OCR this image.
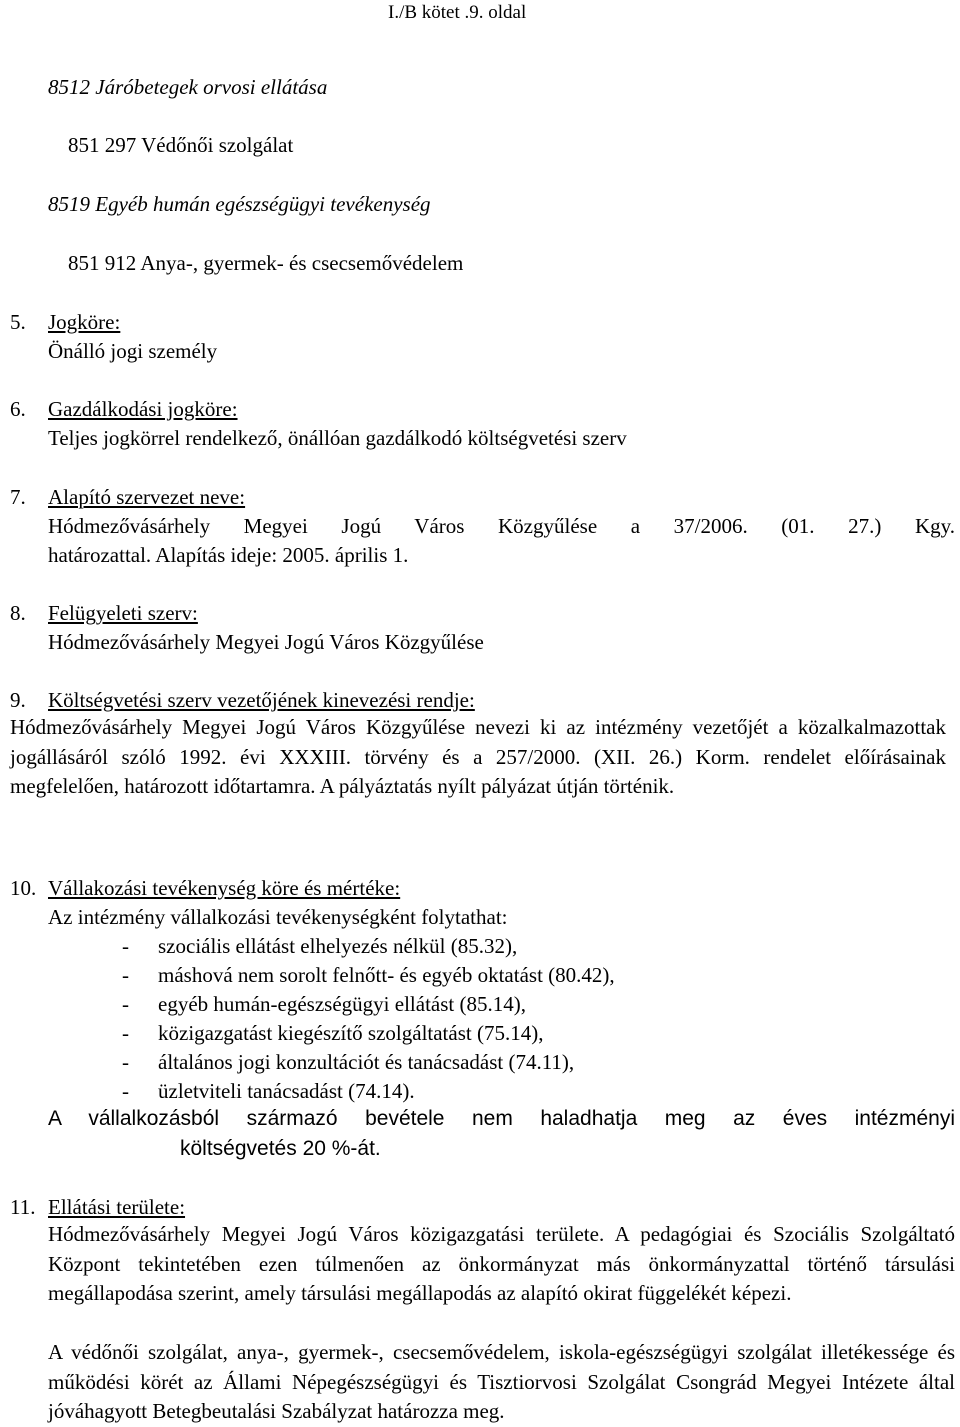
I./B kötet .9. oldal
8512 Járóbetegek orvosi ellátása
851 297 Védőnői szolgálat
8519 Egyéb humán egészségügyi tevékenység
851 912 Anya-, gyermek- és csecsemővédelem
5. Jogköre:
Önálló jogi személy
6. Gazdálkodási jogköre:
Teljes jogkörrel rendelkező, önállóan gazdálkodó költségvetési szerv
7. Alapító szervezet neve:
Hódmezővásárhely Megyei Jogú Város Közgyűlése a 37/2006. (01. 27.) Kgy.
határozattal. Alapítás ideje: 2005. április 1.
8. Felügyeleti szerv:
Hódmezővásárhely Megyei Jogú Város Közgyűlése
9. Költségvetési szerv vezetőjének kinevezési rendje:
Hódmezővásárhely Megyei Jogú Város Közgyűlése nevezi ki az intézmény vezetőjét a közalkalmazottak jogállásáról szóló 1992. évi XXXIII. törvény és a 257/2000. (XII. 26.) Korm. rendelet előírásainak megfelelően, határozott időtartamra. A pályáztatás nyílt pályázat útján történik.
10. Vállakozási tevékenység köre és mértéke:
Az intézmény vállalkozási tevékenységként folytathat:
- szociális ellátást elhelyezés nélkül (85.32),
- máshová nem sorolt felnőtt- és egyéb oktatást (80.42),
- egyéb humán-egészségügyi ellátást (85.14),
- közigazgatást kiegészítő szolgáltatást (75.14),
- általános jogi konzultációt és tanácsadást (74.11),
- üzletviteli tanácsadást (74.14).
A vállalkozásból származó bevétele nem haladhatja meg az éves intézményi
költségvetés 20 %-át.
11. Ellátási területe:
Hódmezővásárhely Megyei Jogú Város közigazgatási területe. A pedagógiai és Szociális Szolgáltató Központ tekintetében ezen túlmenően az önkormányzat más önkormányzattal történő társulási megállapodása szerint, amely társulási megállapodás az alapító okirat függelékét képezi.
A védőnői szolgálat, anya-, gyermek-, csecsemővédelem, iskola-egészségügyi szolgálat illetékessége és működési körét az Állami Népegészségügyi és Tisztiorvosi Szolgálat Csongrád Megyei Intézete által jóváhagyott Betegbeutalási Szabályzat határozza meg.
